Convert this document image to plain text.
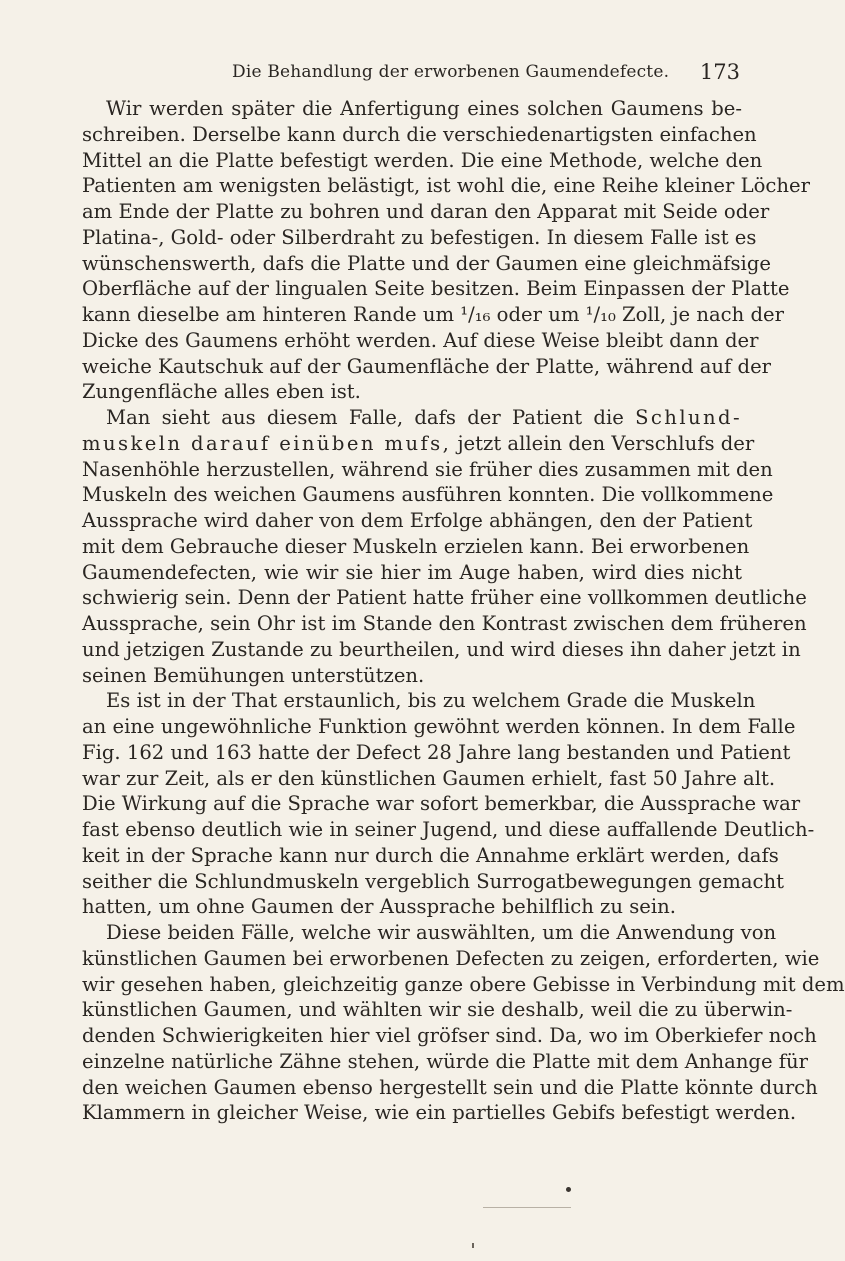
Die Behandlung der erworbenen Gaumendefecte. 173
Wir werden später die Anfertigung eines solchen Gaumens be-
schreiben. Derselbe kann durch die verschiedenartigsten einfachen
Mittel an die Platte befestigt werden. Die eine Methode, welche den
Patienten am wenigsten belästigt, ist wohl die, eine Reihe kleiner Löcher
am Ende der Platte zu bohren und daran den Apparat mit Seide oder
Platina-, Gold- oder Silberdraht zu befestigen. In diesem Falle ist es
wünschenswerth, dafs die Platte und der Gaumen eine gleichmäfsige
Oberfläche auf der lingualen Seite besitzen. Beim Einpassen der Platte
kann dieselbe am hinteren Rande um ¹/₁₆ oder um ¹/₁₀ Zoll, je nach der
Dicke des Gaumens erhöht werden. Auf diese Weise bleibt dann der
weiche Kautschuk auf der Gaumenfläche der Platte, während auf der
Zungenfläche alles eben ist.
Man sieht aus diesem Falle, dafs der Patient die Schlund-
muskeln darauf einüben mufs, jetzt allein den Verschlufs der
Nasenhöhle herzustellen, während sie früher dies zusammen mit den
Muskeln des weichen Gaumens ausführen konnten. Die vollkommene
Aussprache wird daher von dem Erfolge abhängen, den der Patient
mit dem Gebrauche dieser Muskeln erzielen kann. Bei erworbenen
Gaumendefecten, wie wir sie hier im Auge haben, wird dies nicht
schwierig sein. Denn der Patient hatte früher eine vollkommen deutliche
Aussprache, sein Ohr ist im Stande den Kontrast zwischen dem früheren
und jetzigen Zustande zu beurtheilen, und wird dieses ihn daher jetzt in
seinen Bemühungen unterstützen.
Es ist in der That erstaunlich, bis zu welchem Grade die Muskeln
an eine ungewöhnliche Funktion gewöhnt werden können. In dem Falle
Fig. 162 und 163 hatte der Defect 28 Jahre lang bestanden und Patient
war zur Zeit, als er den künstlichen Gaumen erhielt, fast 50 Jahre alt.
Die Wirkung auf die Sprache war sofort bemerkbar, die Aussprache war
fast ebenso deutlich wie in seiner Jugend, und diese auffallende Deutlich-
keit in der Sprache kann nur durch die Annahme erklärt werden, dafs
seither die Schlundmuskeln vergeblich Surrogatbewegungen gemacht
hatten, um ohne Gaumen der Aussprache behilflich zu sein.
Diese beiden Fälle, welche wir auswählten, um die Anwendung von
künstlichen Gaumen bei erworbenen Defecten zu zeigen, erforderten, wie
wir gesehen haben, gleichzeitig ganze obere Gebisse in Verbindung mit dem
künstlichen Gaumen, und wählten wir sie deshalb, weil die zu überwin-
denden Schwierigkeiten hier viel gröfser sind. Da, wo im Oberkiefer noch
einzelne natürliche Zähne stehen, würde die Platte mit dem Anhange für
den weichen Gaumen ebenso hergestellt sein und die Platte könnte durch
Klammern in gleicher Weise, wie ein partielles Gebifs befestigt werden.
